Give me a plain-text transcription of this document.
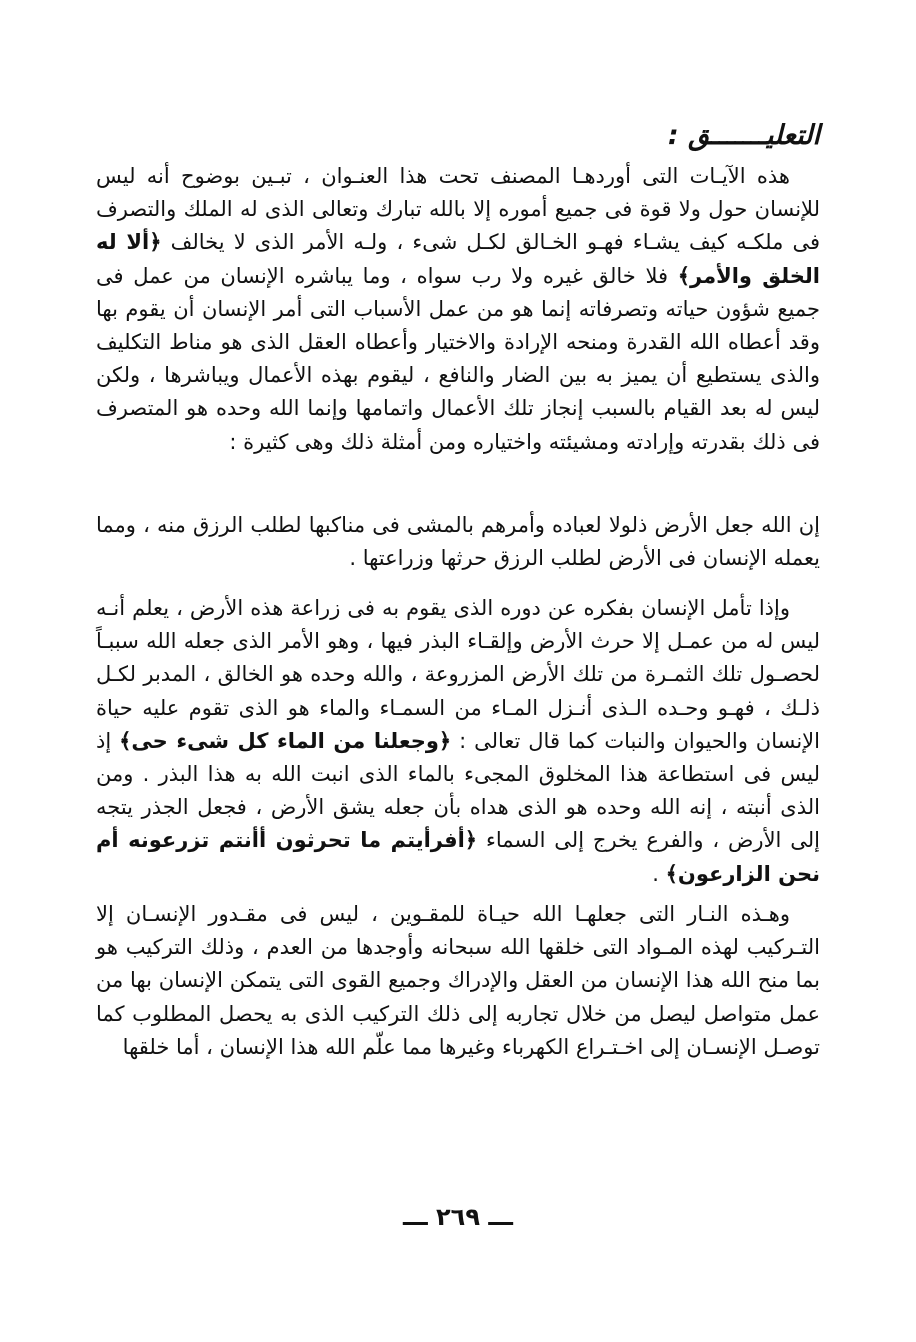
التعليـــــــق :

هذه الآيـات التى أوردهـا المصنف تحت هذا العنـوان ، تبـين بوضوح أنه ليس للإنسان حول ولا قوة فى جميع أموره إلا بالله تبارك وتعالى الذى له الملك والتصرف فى ملكـه كيف يشـاء فهـو الخـالق لكـل شىء ، ولـه الأمر الذى لا يخالف ﴿ألا له الخلق والأمر﴾ فلا خالق غيره ولا رب سواه ، وما يباشره الإنسان من عمل فى جميع شؤون حياته وتصرفاته إنما هو من عمل الأسباب التى أمر الإنسان أن يقوم بها وقد أعطاه الله القدرة ومنحه الإرادة والاختيار وأعطاه العقل الذى هو مناط التكليف والذى يستطيع أن يميز به بين الضار والنافع ، ليقوم بهذه الأعمال ويباشرها ، ولكن ليس له بعد القيام بالسبب إنجاز تلك الأعمال واتمامها وإنما الله وحده هو المتصرف فى ذلك بقدرته وإرادته ومشيئته واختياره ومن أمثلة ذلك وهى كثيرة :

إن الله جعل الأرض ذلولا لعباده وأمرهم بالمشى فى مناكبها لطلب الرزق منه ، ومما يعمله الإنسان فى الأرض لطلب الرزق حرثها وزراعتها .

وإذا تأمل الإنسان بفكره عن دوره الذى يقوم به فى زراعة هذه الأرض ، يعلم أنـه ليس له من عمـل إلا حرث الأرض وإلقـاء البذر فيها ، وهو الأمر الذى جعله الله سببـاً لحصـول تلك الثمـرة من تلك الأرض المزروعة ، والله وحده هو الخالق ، المدبر لكـل ذلـك ، فهـو وحـده الـذى أنـزل المـاء من السمـاء والماء هو الذى تقوم عليه حياة الإنسان والحيوان والنبات كما قال تعالى : ﴿وجعلنا من الماء كل شىء حى﴾ إذ ليس فى استطاعة هذا المخلوق المجىء بالماء الذى انبت الله به هذا البذر . ومن الذى أنبته ، إنه الله وحده هو الذى هداه بأن جعله يشق الأرض ، فجعل الجذر يتجه إلى الأرض ، والفرع يخرج إلى السماء ﴿أفرأيتم ما تحرثون أأنتم تزرعونه أم نحن الزارعون﴾ .

وهـذه النـار التى جعلهـا الله حيـاة للمقـوين ، ليس فى مقـدور الإنسـان إلا التـركيب لهذه المـواد التى خلقها الله سبحانه وأوجدها من العدم ، وذلك التركيب هو بما منح الله هذا الإنسان من العقل والإدراك وجميع القوى التى يتمكن الإنسان بها من عمل متواصل ليصل من خلال تجاربه إلى ذلك التركيب الذى به يحصل المطلوب كما توصـل الإنسـان إلى اخـتـراع الكهرباء وغيرها مما علّم الله هذا الإنسان ، أما خلقها

ـــ ٢٦٩ ـــ
